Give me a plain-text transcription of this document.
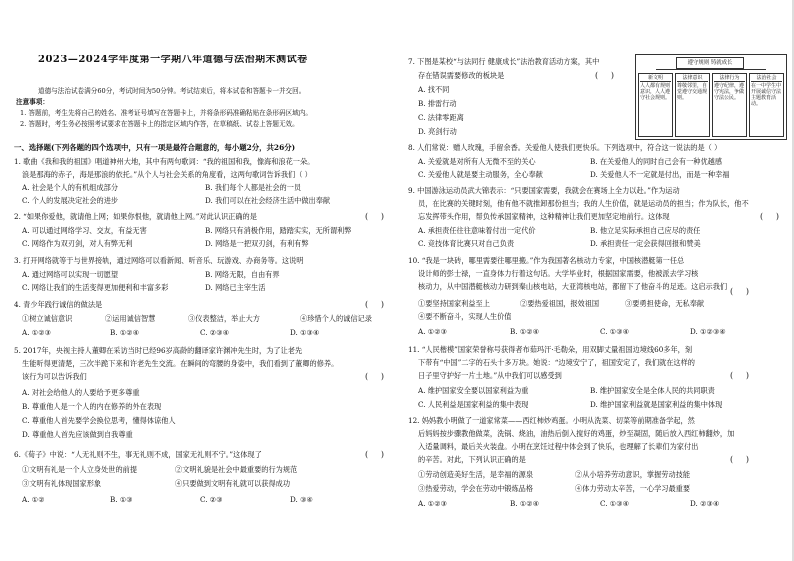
2023—2024学年度第一学期八年道德与法治期末测试卷
道德与法治试卷满分60分，考试时间为50分钟。考试结束后，将本试卷和答题卡一并交回。
注意事项：
1. 答题前，考生先将自己的姓名、准考证号填写在答题卡上，并将条形码准确粘贴在条形码区域内。
2. 答题时，考生务必按照考试要求在答题卡上的指定区域内作答，在草稿纸、试卷上答题无效。
一、选择题(下列各题的四个选项中，只有一项是最符合题意的，每小题2分，共26分)
1. 歌曲《我和我的祖国》唱道神州大地，其中有两句歌词：“我的祖国和我，像海和浪花一朵。
浪是那海的赤子，海是那浪的依托。”从个人与社会关系的角度看，这两句歌词告诉我们（ ）
A. 社会是个人的有机组成部分	B. 我们每个人都是社会的一员
C. 个人的发展决定社会的进步	D. 我们可以在社会经济生活中做出奉献
2. “如果你爱他，就请他上网；如果你恨他，就请他上网。”对此认识正确的是
A. 可以通过网络学习、交友，有益无害	B. 网络只有消极作用，踏踏实实，无所谓利弊
C. 网络作为双刃剑，对人有弊无利	D. 网络是一把双刃剑，有利有弊
3. 打开网络就等于与世界接轨，通过网络可以看新闻、听音乐、玩游戏、办商务等。这说明
A. 通过网络可以实现一切愿望	B. 网络无限，自由有界
C. 网络让我们的生活变得更加便利和丰富多彩	D. 网络已主宰生活
4. 青少年践行诚信的做法是
①树立诚信意识	②运用诚信智慧	③仪表整洁，举止大方	④珍惜个人的诚信记录
A. ①②③	B. ①②④	C. ②③④	D. ①③④
5. 2017年，央视主持人董卿在采访当时已经96岁高龄的翻译家许渊冲先生时，为了让老先
生能听得更清楚，三次半跪下来和许老先生交流。在瞬间的弯腰的身姿中，我们看到了董卿的修养。
该行为可以告诉我们
A. 对社会给他人的人要给予更多尊重
B. 尊重他人是一个人的内在修养的外在表现
C. 尊重他人首先要学会换位思考，懂得体谅他人
D. 尊重他人首先应该做到自我尊重
6.《荀子》中说：“人无礼则不生，事无礼则不成，国家无礼则不宁。”这体现了
①文明有礼是一个人立身处世的前提	②文明礼貌是社会中最重要的行为规范
③文明有礼体现国家形象	④只要做到文明有礼就可以获得成功
A. ①②	B. ①③	C. ②③	D. ③④
(     )
(     )
(     )
(     )
7. 下图是某校“与法同行 健康成长”法治教育活动方案，其中
存在错误需要修改的板块是
A. 找不同
B. 排雷行动
C. 法律零距离
D. 亮剑行动
(     )
遵守规则 铸就成长
新文明
人人都有规则意识，人人遵守社会规则。
法律意识
尊敬邻里，自觉遵守交通规则。
法律行为
遵守纪律，遵守宪法，争做守法公民。
法治社会
在一中学生中开展诚信守法主题教育活动。
8. 人们常说：赠人玫瑰，手留余香。关爱他人使我们更快乐。下列选项中，符合这一说法的是（ ）
A. 关爱就是对所有人无微不至的关心	B. 在关爱他人的同时自己会有一种优越感
C. 关爱他人就是要主动服务，全心奉献	D. 关爱他人不一定就是付出，而是一种幸福
9. 中国游泳运动员武大锦表示：“只要国家需要，我就会在赛场上全力以赴。”作为运动
员，在比赛的关键时刻，他有他不就推卸那份担当；我的人生价值，就是运动员的担当；作为队长，他不
忘发挥带头作用，帮负传承国家精神，这种精神让我们更加坚定地前行。这体现
A. 承担责任往往意味着付出一定代价	B. 他立足实际承担自己应尽的责任
C. 竞技体育比赛只对自己负责	D. 承担责任一定会获得回报和赞美
(     )
10. “我是一块砖，哪里需要往哪里搬。”作为我国著名核动力专家，中国核潜艇第一任总
设计师的彭士禄，一直身体力行着这句话。大学毕业时，根据国家需要，他被派去学习核
核动力，从中国潜艇核动力研到秦山核电站，大亚湾核电站，都留下了他奋斗的足迹。这启示我们
①要坚持国家利益至上	②要热爱祖国，报效祖国	③要勇担使命，无私奉献
④要不断奋斗，实现人生价值
A. ①②③	B. ①②④	C. ①③④	D. ①②③④
(     )
11. “人民楷模”国家荣誉称号获得者布茹玛汗·毛勒朵，用双脚丈量祖国边境线60多年，刻
下带有“中国”二字的石头十多万块。她说：“边境安宁了，祖国安定了，我们就在这样的
日子里守护好一片土地。”从中我们可以感受到
A. 维护国家安全要以国家利益为重	B. 维护国家安全是全体人民的共同职责
C. 人民利益是国家利益的集中表现	D. 维护国家利益就是国家利益的集中体现
(     )
12. 妈妈教小明做了一道家常菜——西红柿炒鸡蛋。小明从洗菜、切菜等前期准备学起，然
后妈妈按步骤教他做菜，洗锅、烧油，油热后倒入搅好的鸡蛋，炒至凝固，随后放入西红柿翻炒，加
入适量调料，最后关火装盘。小明在烹饪过程中体会到了快乐，也理解了长辈们为家付出
的辛苦。对此，下列认识正确的是
①劳动创造美好生活，是幸福的源泉	②从小培养劳动意识，掌握劳动技能
③热爱劳动，学会在劳动中锻炼品格	④体力劳动太辛苦，一心学习最重要
A. ①②③	B. ①②④	C. ①③④	D. ②③④
(     )
